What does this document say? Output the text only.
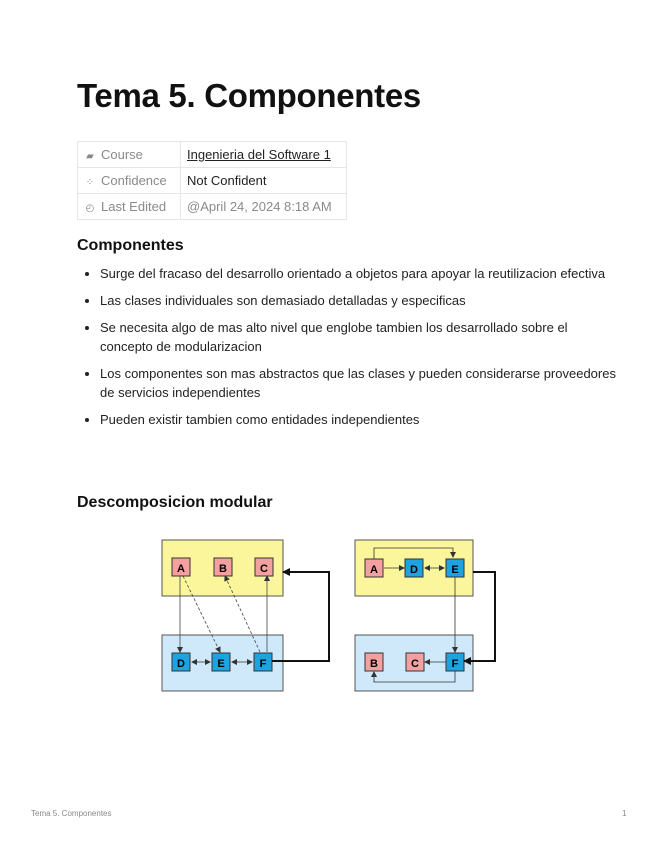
Tema 5. Componentes
▰ Course	Ingenieria del Software 1
⁘ Confidence	Not Confident
◴ Last Edited	@April 24, 2024 8:18 AM
Componentes
• Surge del fracaso del desarrollo orientado a objetos para apoyar la reutilizacion efectiva
• Las clases individuales son demasiado detalladas y especificas
• Se necesita algo de mas alto nivel que englobe tambien los desarrollado sobre el concepto de modularizacion
• Los componentes son mas abstractos que las clases y pueden considerarse proveedores de servicios independientes
• Pueden existir tambien como entidades independientes
Descomposicion modular
A	B	C
D	E	F
A	D	E
B	C	F
Tema 5. Componentes	1
